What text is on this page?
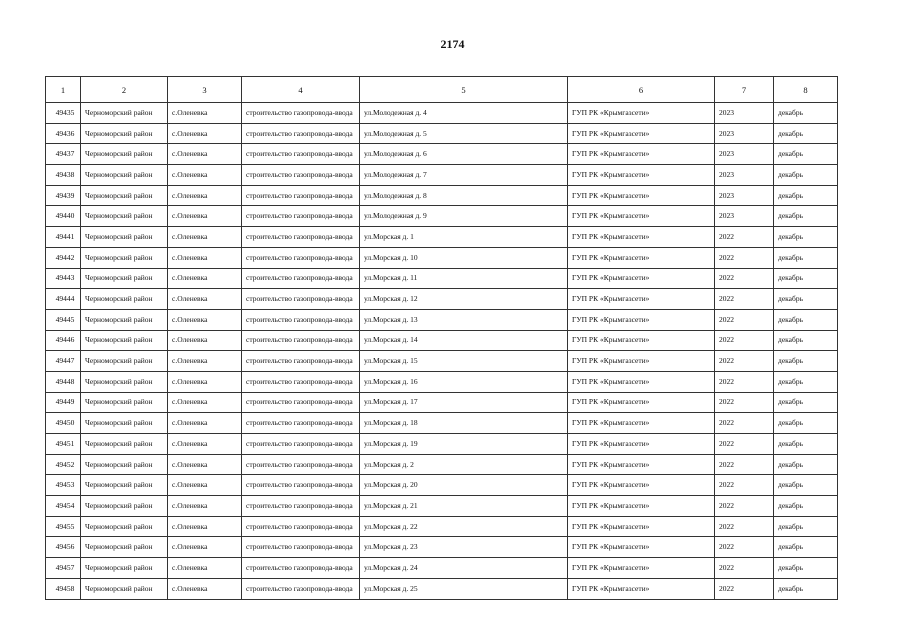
2174
1	2	3	4	5	6	7	8
49435	Черноморский район	с.Оленевка	строительство газопровода-ввода	ул.Молодежная д. 4	ГУП РК «Крымгазсети»	2023	декабрь
49436	Черноморский район	с.Оленевка	строительство газопровода-ввода	ул.Молодежная д. 5	ГУП РК «Крымгазсети»	2023	декабрь
49437	Черноморский район	с.Оленевка	строительство газопровода-ввода	ул.Молодежная д. 6	ГУП РК «Крымгазсети»	2023	декабрь
49438	Черноморский район	с.Оленевка	строительство газопровода-ввода	ул.Молодежная д. 7	ГУП РК «Крымгазсети»	2023	декабрь
49439	Черноморский район	с.Оленевка	строительство газопровода-ввода	ул.Молодежная д. 8	ГУП РК «Крымгазсети»	2023	декабрь
49440	Черноморский район	с.Оленевка	строительство газопровода-ввода	ул.Молодежная д. 9	ГУП РК «Крымгазсети»	2023	декабрь
49441	Черноморский район	с.Оленевка	строительство газопровода-ввода	ул.Морская д. 1	ГУП РК «Крымгазсети»	2022	декабрь
49442	Черноморский район	с.Оленевка	строительство газопровода-ввода	ул.Морская д. 10	ГУП РК «Крымгазсети»	2022	декабрь
49443	Черноморский район	с.Оленевка	строительство газопровода-ввода	ул.Морская д. 11	ГУП РК «Крымгазсети»	2022	декабрь
49444	Черноморский район	с.Оленевка	строительство газопровода-ввода	ул.Морская д. 12	ГУП РК «Крымгазсети»	2022	декабрь
49445	Черноморский район	с.Оленевка	строительство газопровода-ввода	ул.Морская д. 13	ГУП РК «Крымгазсети»	2022	декабрь
49446	Черноморский район	с.Оленевка	строительство газопровода-ввода	ул.Морская д. 14	ГУП РК «Крымгазсети»	2022	декабрь
49447	Черноморский район	с.Оленевка	строительство газопровода-ввода	ул.Морская д. 15	ГУП РК «Крымгазсети»	2022	декабрь
49448	Черноморский район	с.Оленевка	строительство газопровода-ввода	ул.Морская д. 16	ГУП РК «Крымгазсети»	2022	декабрь
49449	Черноморский район	с.Оленевка	строительство газопровода-ввода	ул.Морская д. 17	ГУП РК «Крымгазсети»	2022	декабрь
49450	Черноморский район	с.Оленевка	строительство газопровода-ввода	ул.Морская д. 18	ГУП РК «Крымгазсети»	2022	декабрь
49451	Черноморский район	с.Оленевка	строительство газопровода-ввода	ул.Морская д. 19	ГУП РК «Крымгазсети»	2022	декабрь
49452	Черноморский район	с.Оленевка	строительство газопровода-ввода	ул.Морская д. 2	ГУП РК «Крымгазсети»	2022	декабрь
49453	Черноморский район	с.Оленевка	строительство газопровода-ввода	ул.Морская д. 20	ГУП РК «Крымгазсети»	2022	декабрь
49454	Черноморский район	с.Оленевка	строительство газопровода-ввода	ул.Морская д. 21	ГУП РК «Крымгазсети»	2022	декабрь
49455	Черноморский район	с.Оленевка	строительство газопровода-ввода	ул.Морская д. 22	ГУП РК «Крымгазсети»	2022	декабрь
49456	Черноморский район	с.Оленевка	строительство газопровода-ввода	ул.Морская д. 23	ГУП РК «Крымгазсети»	2022	декабрь
49457	Черноморский район	с.Оленевка	строительство газопровода-ввода	ул.Морская д. 24	ГУП РК «Крымгазсети»	2022	декабрь
49458	Черноморский район	с.Оленевка	строительство газопровода-ввода	ул.Морская д. 25	ГУП РК «Крымгазсети»	2022	декабрь
